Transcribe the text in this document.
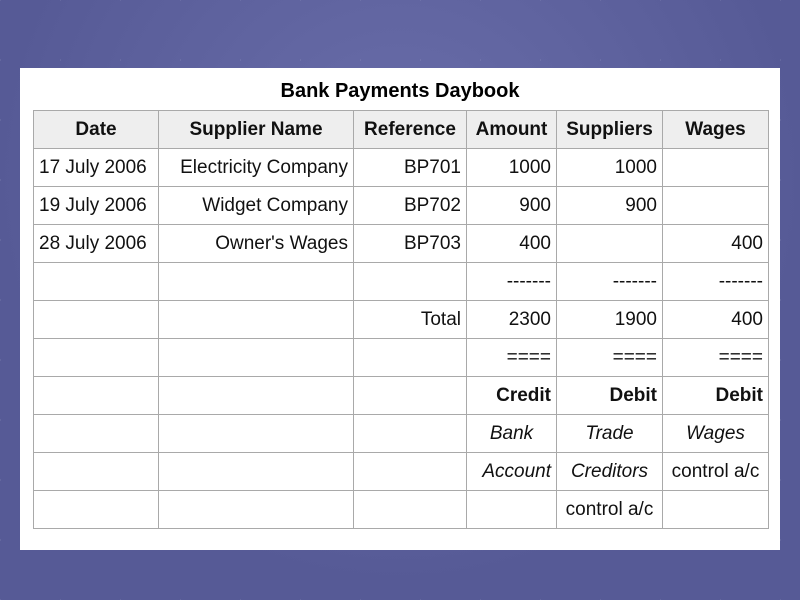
Bank Payments Daybook
Date	Supplier Name	Reference	Amount	Suppliers	Wages
17 July 2006	Electricity Company	BP701	1000	1000	
19 July 2006	Widget Company	BP702	900	900	
28 July 2006	Owner's Wages	BP703	400		400
			-------	-------	-------
		Total	2300	1900	400
			====	====	====
			Credit	Debit	Debit
			Bank	Trade	Wages
			Account	Creditors	control a/c
				control a/c	
